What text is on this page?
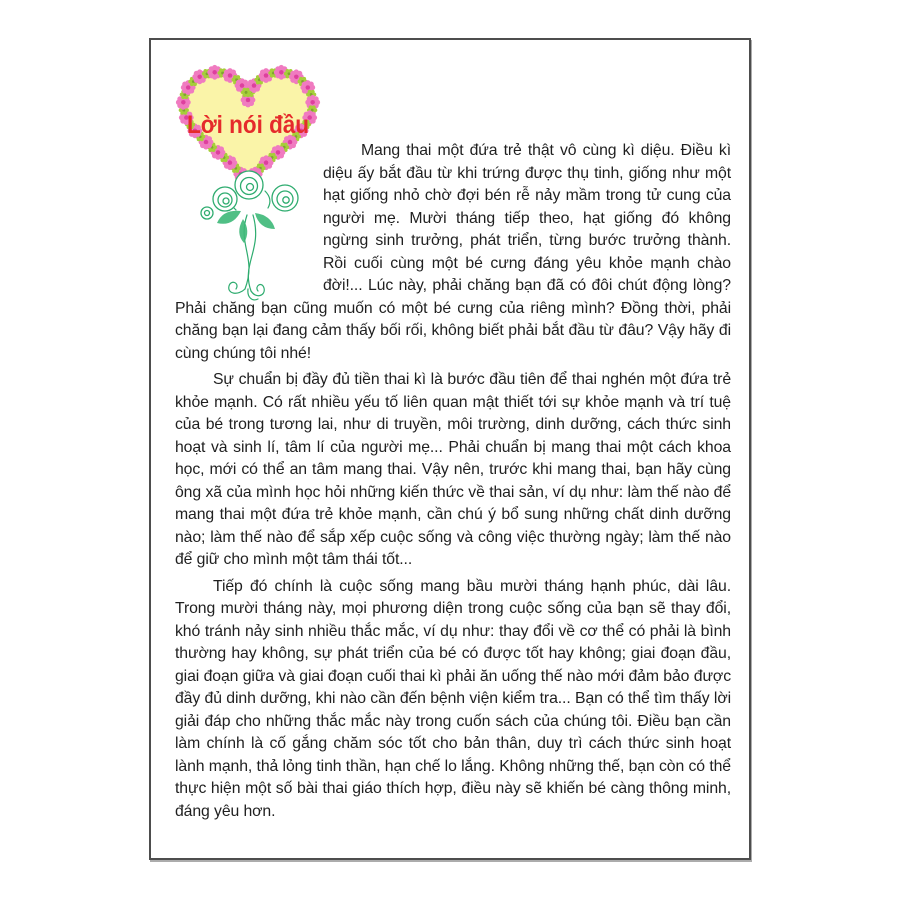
Lời nói đầu

Mang thai một đứa trẻ thật vô cùng kì diệu. Điều kì diệu ấy bắt đầu từ khi trứng được thụ tinh, giống như một hạt giống nhỏ chờ đợi bén rễ nảy mầm trong tử cung của người mẹ. Mười tháng tiếp theo, hạt giống đó không ngừng sinh trưởng, phát triển, từng bước trưởng thành. Rồi cuối cùng một bé cưng đáng yêu khỏe mạnh chào đời!... Lúc này, phải chăng bạn đã có đôi chút động lòng? Phải chăng bạn cũng muốn có một bé cưng của riêng mình? Đồng thời, phải chăng bạn lại đang cảm thấy bối rối, không biết phải bắt đầu từ đâu? Vậy hãy đi cùng chúng tôi nhé!

Sự chuẩn bị đầy đủ tiền thai kì là bước đầu tiên để thai nghén một đứa trẻ khỏe mạnh. Có rất nhiều yếu tố liên quan mật thiết tới sự khỏe mạnh và trí tuệ của bé trong tương lai, như di truyền, môi trường, dinh dưỡng, cách thức sinh hoạt và sinh lí, tâm lí của người mẹ... Phải chuẩn bị mang thai một cách khoa học, mới có thể an tâm mang thai. Vậy nên, trước khi mang thai, bạn hãy cùng ông xã của mình học hỏi những kiến thức về thai sản, ví dụ như: làm thế nào để mang thai một đứa trẻ khỏe mạnh, cần chú ý bổ sung những chất dinh dưỡng nào; làm thế nào để sắp xếp cuộc sống và công việc thường ngày; làm thế nào để giữ cho mình một tâm thái tốt...

Tiếp đó chính là cuộc sống mang bầu mười tháng hạnh phúc, dài lâu. Trong mười tháng này, mọi phương diện trong cuộc sống của bạn sẽ thay đổi, khó tránh nảy sinh nhiều thắc mắc, ví dụ như: thay đổi về cơ thể có phải là bình thường hay không, sự phát triển của bé có được tốt hay không; giai đoạn đầu, giai đoạn giữa và giai đoạn cuối thai kì phải ăn uống thế nào mới đảm bảo được đầy đủ dinh dưỡng, khi nào cần đến bệnh viện kiểm tra... Bạn có thể tìm thấy lời giải đáp cho những thắc mắc này trong cuốn sách của chúng tôi. Điều bạn cần làm chính là cố gắng chăm sóc tốt cho bản thân, duy trì cách thức sinh hoạt lành mạnh, thả lỏng tinh thần, hạn chế lo lắng. Không những thế, bạn còn có thể thực hiện một số bài thai giáo thích hợp, điều này sẽ khiến bé càng thông minh, đáng yêu hơn.
